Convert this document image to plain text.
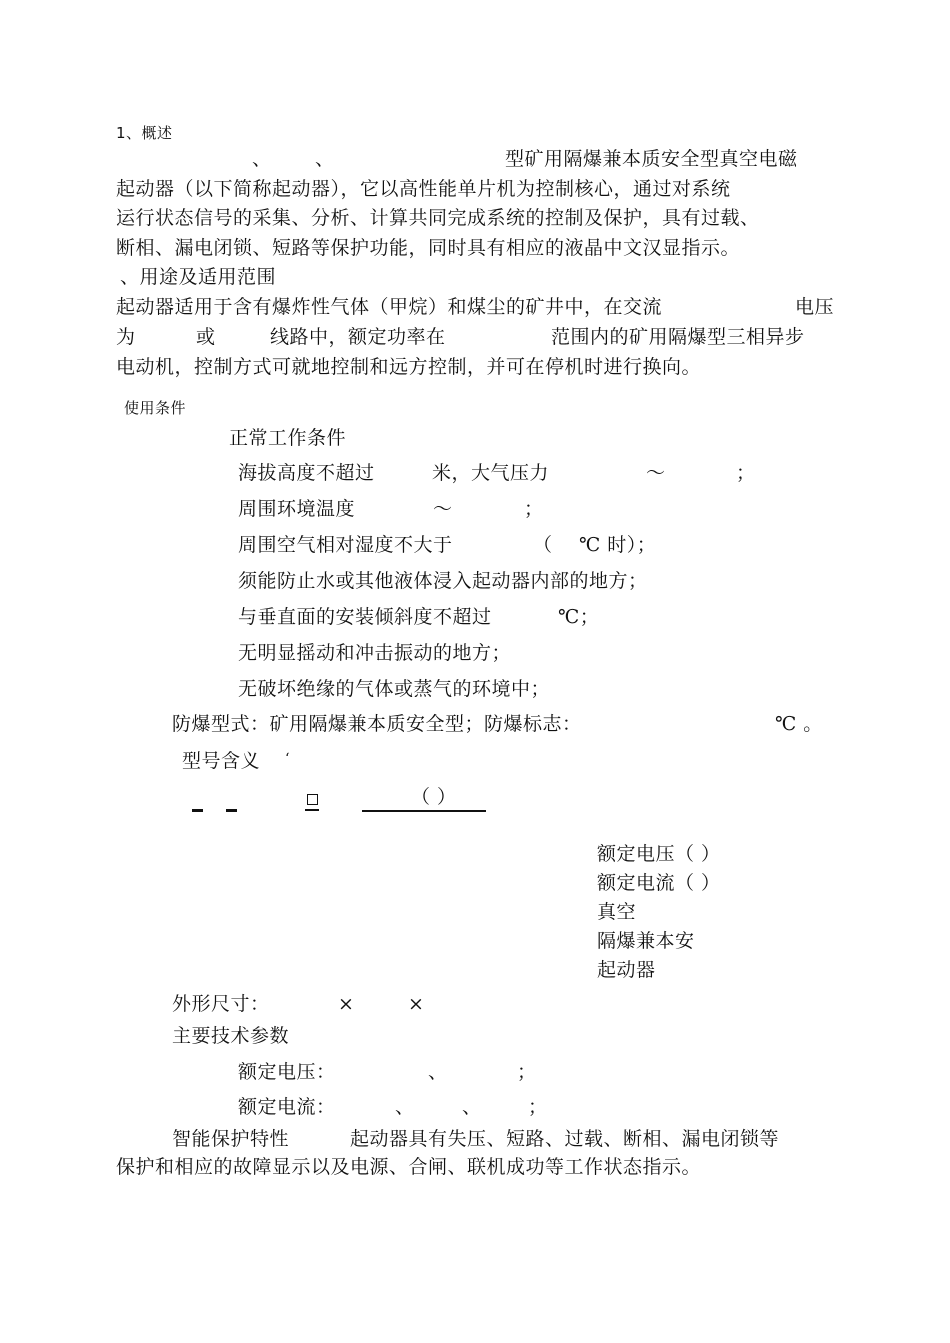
1、概述
、 、	型矿用隔爆兼本质安全型真空电磁
起动器（以下简称起动器），它以高性能单片机为控制核心，通过对系统
运行状态信号的采集、分析、计算共同完成系统的控制及保护，具有过载、
断相、漏电闭锁、短路等保护功能，同时具有相应的液晶中文汉显指示。
、用途及适用范围
起动器适用于含有爆炸性气体（甲烷）和煤尘的矿井中，在交流	电压
为	或	线路中，额定功率在	范围内的矿用隔爆型三相异步
电动机，控制方式可就地控制和远方控制，并可在停机时进行换向。
使用条件
正常工作条件
海拔高度不超过	米，大气压力	～	；
周围环境温度	～	；
周围空气相对湿度不大于	（ ℃ 时）；
须能防止水或其他液体浸入起动器内部的地方；
与垂直面的安装倾斜度不超过	℃；
无明显摇动和冲击振动的地方；
无破坏绝缘的气体或蒸气的环境中；
防爆型式：矿用隔爆兼本质安全型；防爆标志：	℃ 。
型号含义 ‘
（ ）
额定电压（ ）
额定电流（ ）
真空
隔爆兼本安
起动器
外形尺寸：	×	×
主要技术参数
额定电压：	、	；
额定电流：	、 、 ；
智能保护特性	起动器具有失压、短路、过载、断相、漏电闭锁等
保护和相应的故障显示以及电源、合闸、联机成功等工作状态指示。
